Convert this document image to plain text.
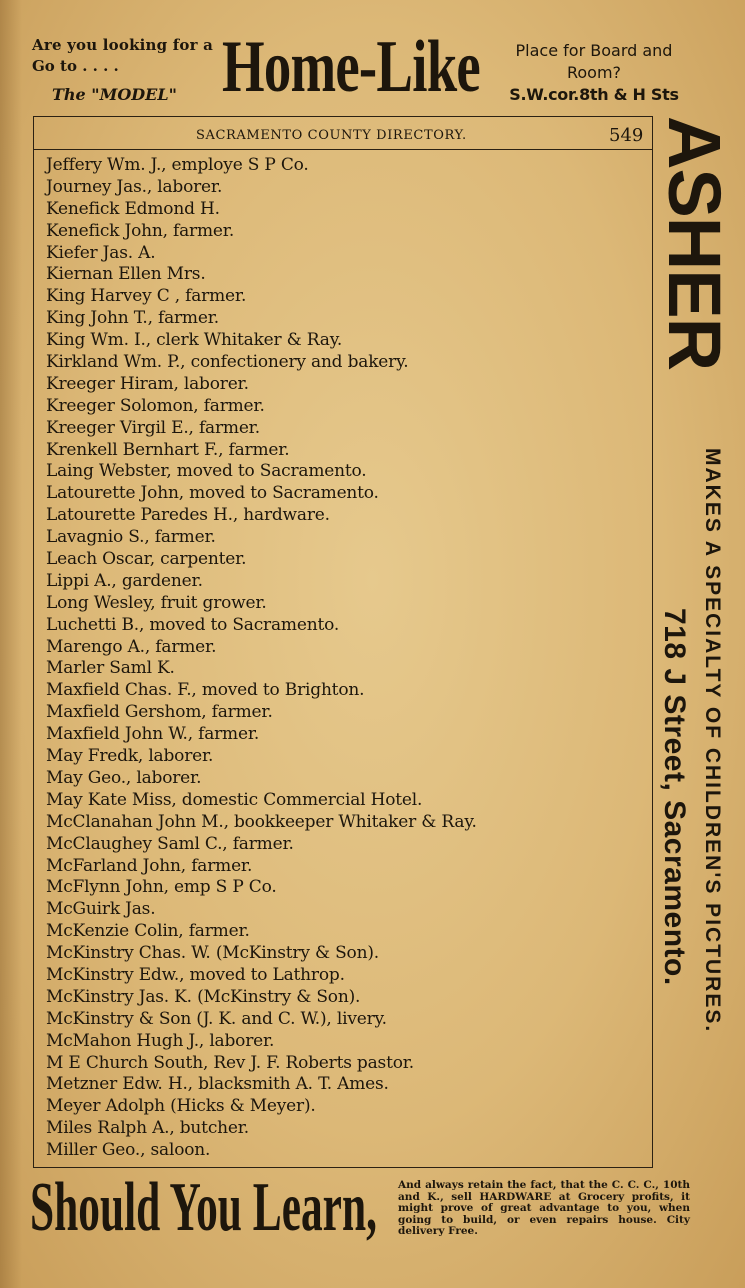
Are you looking for a
Go to . . . .
The "MODEL" Home-Like	Place for Board and
Room?
S.W.cor.8th & H Sts
SACRAMENTO COUNTY DIRECTORY.	549
Jeffery Wm. J., employe S P Co.
Journey Jas., laborer.
Kenefick Edmond H.
Kenefick John, farmer.
Kiefer Jas. A.
Kiernan Ellen Mrs.
King Harvey C , farmer.
King John T., farmer.
King Wm. I., clerk Whitaker & Ray.
Kirkland Wm. P., confectionery and bakery.
Kreeger Hiram, laborer.
Kreeger Solomon, farmer.
Kreeger Virgil E., farmer.
Krenkell Bernhart F., farmer.
Laing Webster, moved to Sacramento.
Latourette John, moved to Sacramento.
Latourette Paredes H., hardware.
Lavagnio S., farmer.
Leach Oscar, carpenter.
Lippi A., gardener.
Long Wesley, fruit grower.
Luchetti B., moved to Sacramento.
Marengo A., farmer.
Marler Saml K.
Maxfield Chas. F., moved to Brighton.
Maxfield Gershom, farmer.
Maxfield John W., farmer.
May Fredk, laborer.
May Geo., laborer.
May Kate Miss, domestic Commercial Hotel.
McClanahan John M., bookkeeper Whitaker & Ray.
McClaughey Saml C., farmer.
McFarland John, farmer.
McFlynn John, emp S P Co.
McGuirk Jas.
McKenzie Colin, farmer.
McKinstry Chas. W. (McKinstry & Son).
McKinstry Edw., moved to Lathrop.
McKinstry Jas. K. (McKinstry & Son).
McKinstry & Son (J. K. and C. W.), livery.
McMahon Hugh J., laborer.
M E Church South, Rev J. F. Roberts pastor.
Metzner Edw. H., blacksmith A. T. Ames.
Meyer Adolph (Hicks & Meyer).
Miles Ralph A., butcher.
Miller Geo., saloon.
ASHER
MAKES A SPECIALTY OF CHILDREN'S PICTURES.
718 J Street, Sacramento.
Should You Learn, And always retain the fact, that the C. C. C., 10th and K., sell HARDWARE at Grocery profits, it might prove of great advantage to you, when going to build, or even repairs house. City delivery Free.
